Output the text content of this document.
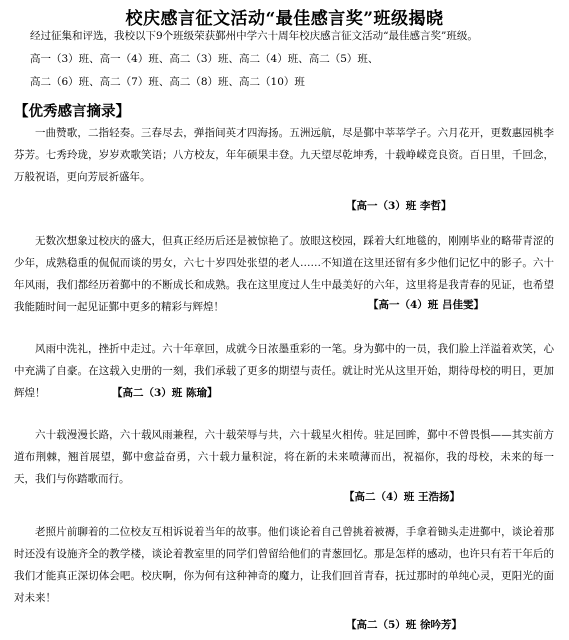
校庆感言征文活动“最佳感言奖”班级揭晓
经过征集和评选，我校以下9个班级荣获鄞州中学六十周年校庆感言征文活动“最佳感言奖”班级。
高一（3）班、高一（4）班、高二（3）班、高二（4）班、高二（5）班、
高二（6）班、高二（7）班、高二（8）班、高二（10）班
【优秀感言摘录】

一曲赞歌，二指轻奏。三春尽去，弹指间英才四海扬。五洲远航，尽是鄞中莘莘学子。六月花开，更数惠园桃李芬芳。七秀玲珑，岁岁欢歌笑语；八方校友，年年硕果丰登。九天望尽乾坤秀，十载峥嵘竞良资。百日里，千回念，万般祝语，更向芳辰祈盛年。

【高一（3）班 李哲】

无数次想象过校庆的盛大，但真正经历后还是被惊艳了。放眼这校园，踩着大红地毯的，刚刚毕业的略带青涩的少年，成熟稳重的侃侃而谈的男女，六七十岁四处张望的老人……不知道在这里还留有多少他们记忆中的影子。六十年风雨，我们都经历着鄞中的不断成长和成熟。我在这里度过人生中最美好的六年，这里将是我青春的见证，也希望我能随时间一起见证鄞中更多的精彩与辉煌！	【高一（4）班 吕佳雯】

风雨中洗礼，挫折中走过。六十年章回，成就今日浓墨重彩的一笔。身为鄞中的一员，我们脸上洋溢着欢笑，心中充满了自豪。在这载入史册的一刻，我们承载了更多的期望与责任。就让时光从这里开始，期待母校的明日，更加辉煌！	【高二（3）班 陈瑜】

六十载漫漫长路，六十载风雨兼程，六十载荣辱与共，六十载星火相传。驻足回眸，鄞中不曾畏惧——其实前方道布荆棘，翘首展望，鄞中愈益奋勇，六十载力量积淀，将在新的未来喷薄而出，祝福你，我的母校，未来的每一天，我们与你踏歌而行。

【高二（4）班 王浩扬】

老照片前聊着的二位校友互相诉说着当年的故事。他们谈论着自己曾挑着被褥，手拿着锄头走进鄞中，谈论着那时还没有设施齐全的教学楼，谈论着教室里的同学们曾留给他们的青葱回忆。那是怎样的感动，也许只有若干年后的我们才能真正深切体会吧。校庆啊，你为何有这种神奇的魔力，让我们回首青春，抚过那时的单纯心灵，更阳光的面对未来！

【高二（5）班 徐吟芳】
